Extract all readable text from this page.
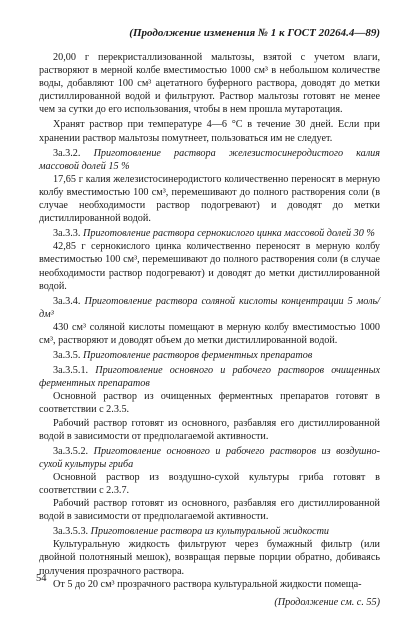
(Продолжение изменения № 1 к ГОСТ 20264.4—89)

20,00 г перекристаллизованной мальтозы, взятой с учетом влаги, растворяют в мерной колбе вместимостью 1000 см³ в небольшом количестве воды, добавляют 100 см³ ацетатного буферного раствора, доводят до метки дистиллированной водой и фильтруют. Раствор мальтозы готовят не менее чем за сутки до его использования, чтобы в нем прошла мутаротация.

Хранят раствор при температуре 4—6 °С в течение 30 дней. Если при хранении раствор мальтозы помутнеет, пользоваться им не следует.

3а.3.2. Приготовление раствора железистосинеродистого калия массовой долей 15 %

17,65 г калия железистосинеродистого количественно переносят в мерную колбу вместимостью 100 см³, перемешивают до полного растворения соли (в случае необходимости раствор подогревают) и доводят до метки дистиллированной водой.

3а.3.3. Приготовление раствора сернокислого цинка массовой долей 30 %

42,85 г сернокислого цинка количественно переносят в мерную колбу вместимостью 100 см³, перемешивают до полного растворения соли (в случае необходимости раствор подогревают) и доводят до метки дистиллированной водой.

3а.3.4. Приготовление раствора соляной кислоты концентрации 5 моль/дм³

430 см³ соляной кислоты помещают в мерную колбу вместимостью 1000 см³, растворяют и доводят объем до метки дистиллированной водой.

3а.3.5. Приготовление растворов ферментных препаратов

3а.3.5.1. Приготовление основного и рабочего растворов очищенных ферментных препаратов

Основной раствор из очищенных ферментных препаратов готовят в соответствии с 2.3.5.

Рабочий раствор готовят из основного, разбавляя его дистиллированной водой в зависимости от предполагаемой активности.

3а.3.5.2. Приготовление основного и рабочего растворов из воздушно-сухой культуры гриба

Основной раствор из воздушно-сухой культуры гриба готовят в соответствии с 2.3.7.

Рабочий раствор готовят из основного, разбавляя его дистиллированной водой в зависимости от предполагаемой активности.

3а.3.5.3. Приготовление раствора из культуральной жидкости

Культуральную жидкость фильтруют через бумажный фильтр (или двойной полотняный мешок), возвращая первые порции обратно, добиваясь получения прозрачного раствора.

От 5 до 20 см³ прозрачного раствора культуральной жидкости помеща-

(Продолжение см. с. 55)
54
